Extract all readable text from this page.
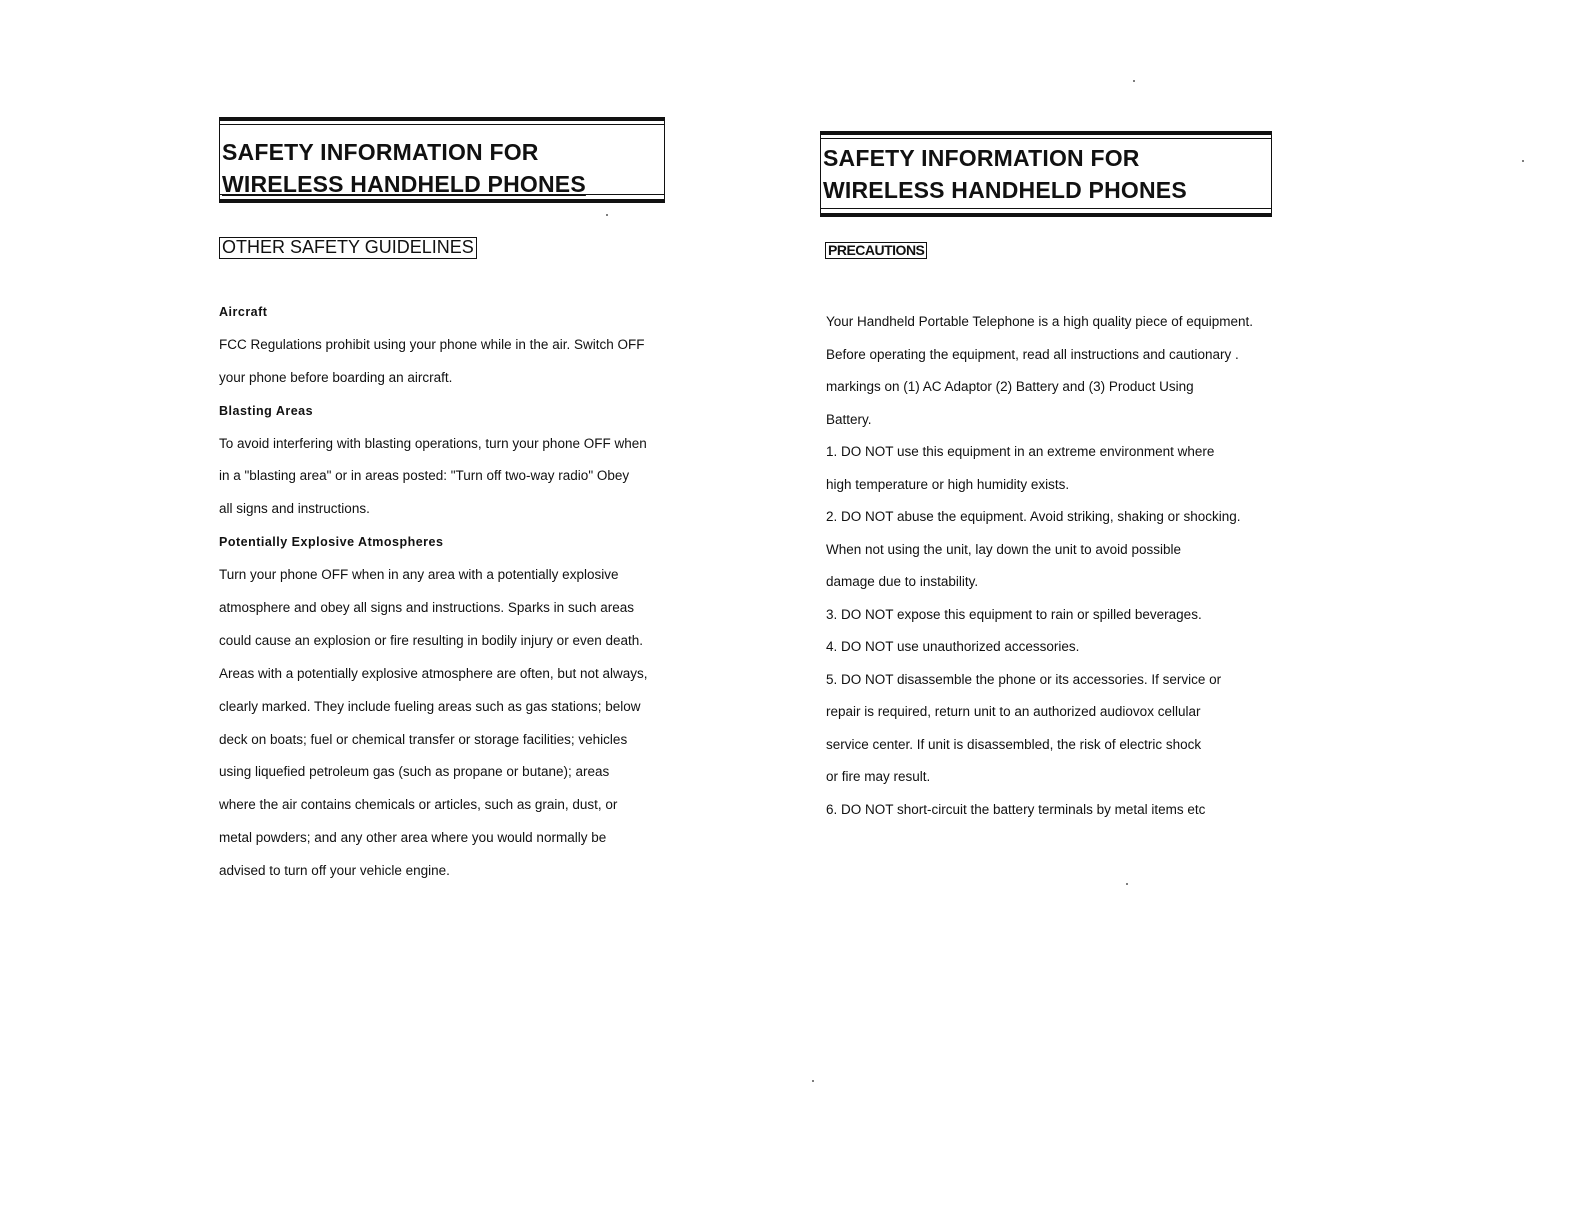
SAFETY INFORMATION FOR
WIRELESS HANDHELD PHONES
OTHER SAFETY GUIDELINES
Aircraft
FCC Regulations prohibit using your phone while in the air. Switch OFF
your phone before boarding an aircraft.
Blasting Areas
To avoid interfering with blasting operations, turn your phone OFF when
in a "blasting area" or in areas posted: "Turn off two-way radio" Obey
all signs and instructions.
Potentially Explosive Atmospheres
Turn your phone OFF when in any area with a potentially explosive
atmosphere and obey all signs and instructions. Sparks in such areas
could cause an explosion or fire resulting in bodily injury or even death.
Areas with a potentially explosive atmosphere are often, but not always,
clearly marked. They include fueling areas such as gas stations; below
deck on boats; fuel or chemical transfer or storage facilities; vehicles
using liquefied petroleum gas (such as propane or butane); areas
where the air contains chemicals or articles, such as grain, dust, or
metal powders; and any other area where you would normally be
advised to turn off your vehicle engine.
SAFETY INFORMATION FOR
WIRELESS HANDHELD PHONES
PRECAUTIONS
Your Handheld Portable Telephone is a high quality piece of equipment.
Before operating the equipment, read all instructions and cautionary .
markings on (1) AC Adaptor (2) Battery and (3) Product Using
Battery.
1. DO NOT use this equipment in an extreme environment where
high temperature or high humidity exists.
2. DO NOT abuse the equipment. Avoid striking, shaking or shocking.
When not using the unit, lay down the unit to avoid possible
damage due to instability.
3. DO NOT expose this equipment to rain or spilled beverages.
4. DO NOT use unauthorized accessories.
5. DO NOT disassemble the phone or its accessories. If service or
repair is required, return unit to an authorized audiovox cellular
service center. If unit is disassembled, the risk of electric shock
or fire may result.
6. DO NOT short-circuit the battery terminals by metal items etc
